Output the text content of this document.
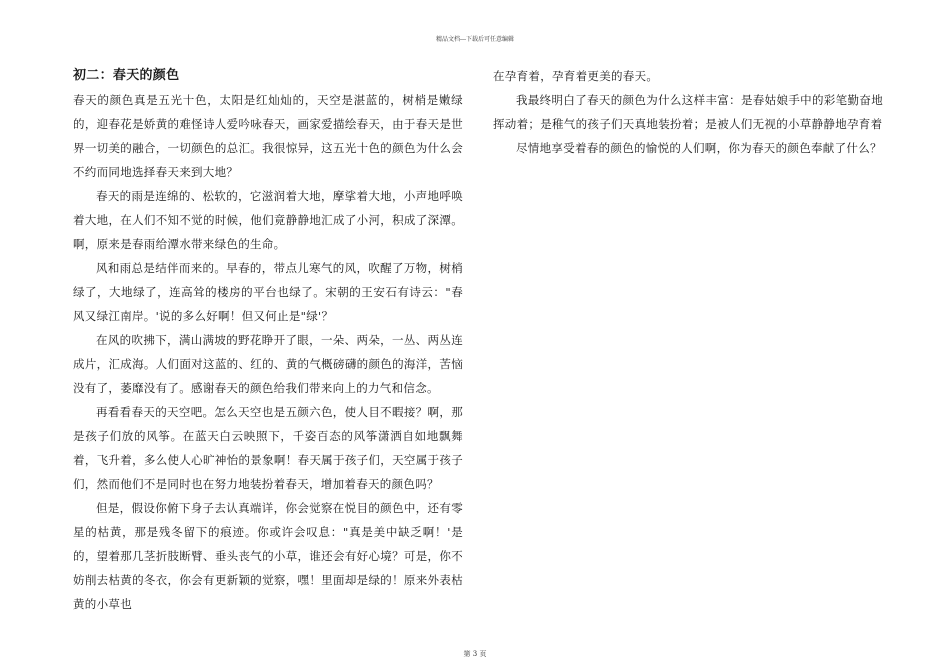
精品文档---下载后可任意编辑
初二：春天的颜色

春天的颜色真是五光十色，太阳是红灿灿的，天空是湛蓝的，树梢是嫩绿的，迎春花是娇黄的难怪诗人爱吟咏春天，画家爱描绘春天，由于春天是世界一切美的融合，一切颜色的总汇。我很惊异，这五光十色的颜色为什么会不约而同地选择春天来到大地？

春天的雨是连绵的、松软的，它滋润着大地，摩挲着大地，小声地呼唤着大地，在人们不知不觉的时候，他们竟静静地汇成了小河，积成了深潭。啊，原来是春雨给潭水带来绿色的生命。

风和雨总是结伴而来的。早春的，带点儿寒气的风，吹醒了万物，树梢绿了，大地绿了，连高耸的楼房的平台也绿了。宋朝的王安石有诗云："春风又绿江南岸。'说的多么好啊！但又何止是"绿'？

在风的吹拂下，满山满坡的野花睁开了眼，一朵、两朵，一丛、两丛连成片，汇成海。人们面对这蓝的、红的、黄的气概磅礴的颜色的海洋，苦恼没有了，萎靡没有了。感谢春天的颜色给我们带来向上的力气和信念。

再看看春天的天空吧。怎么天空也是五颜六色，使人目不暇接？啊，那是孩子们放的风筝。在蓝天白云映照下，千姿百态的风筝潇洒自如地飘舞着，飞升着，多么使人心旷神怡的景象啊！春天属于孩子们，天空属于孩子们，然而他们不是同时也在努力地装扮着春天，增加着春天的颜色吗？

但是，假设你俯下身子去认真端详，你会觉察在悦目的颜色中，还有零星的枯黄，那是残冬留下的痕迹。你或许会叹息："真是美中缺乏啊！'是的，望着那几茎折肢断臂、垂头丧气的小草，谁还会有好心境？可是，你不妨削去枯黄的冬衣，你会有更新颖的觉察，嘿！里面却是绿的！原来外表枯黄的小草也

在孕育着，孕育着更美的春天。

我最终明白了春天的颜色为什么这样丰富：是春姑娘手中的彩笔勤奋地挥动着；是稚气的孩子们天真地装扮着；是被人们无视的小草静静地孕育着

尽情地享受着春的颜色的愉悦的人们啊，你为春天的颜色奉献了什么？

第 3 页
